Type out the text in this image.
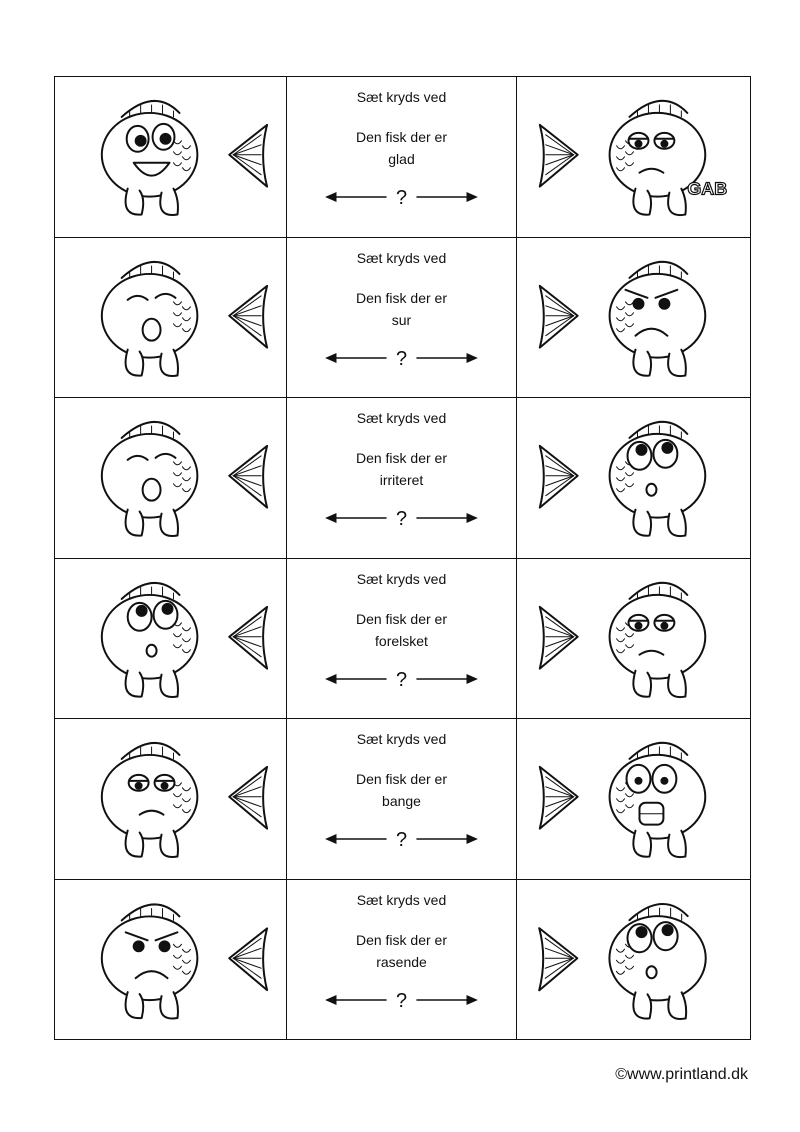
Sæt kryds ved
Den fisk der er
glad
?	GAB
Sæt kryds ved
Den fisk der er
sur
?
Sæt kryds ved
Den fisk der er
irriteret
?
Sæt kryds ved
Den fisk der er
forelsket
?
Sæt kryds ved
Den fisk der er
bange
?
Sæt kryds ved
Den fisk der er
rasende
?
©www.printland.dk
